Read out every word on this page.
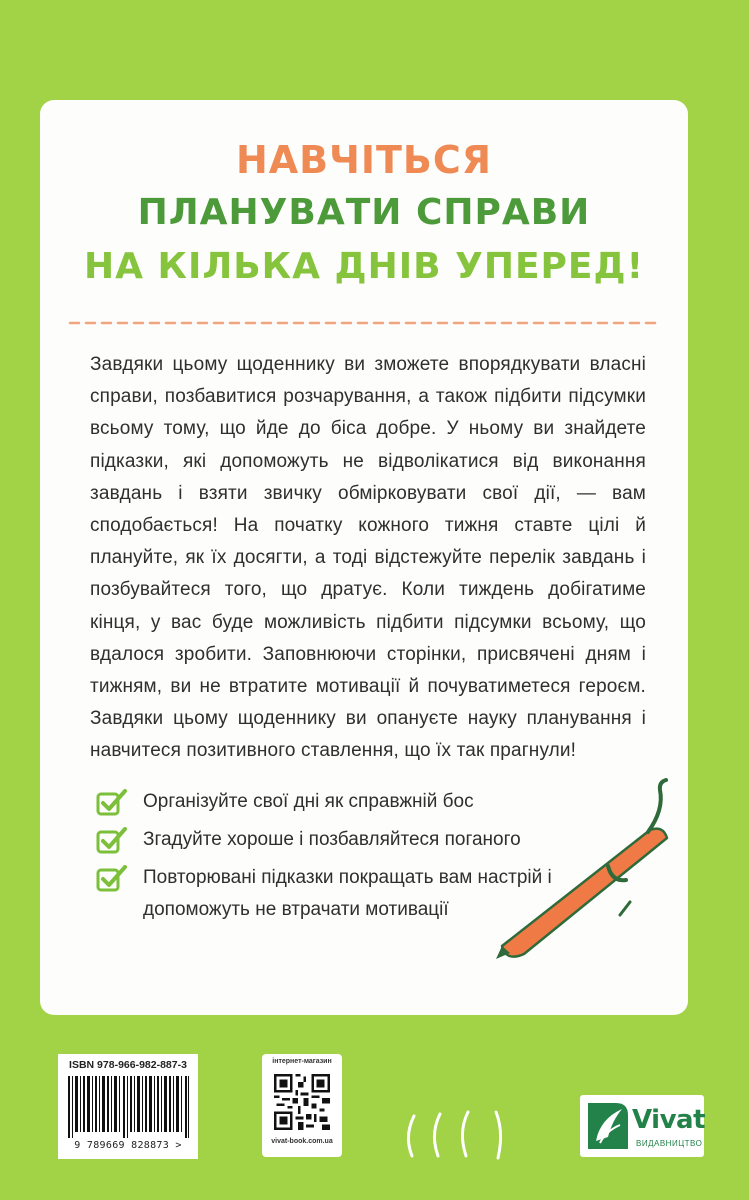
НАВЧІТЬСЯ
ПЛАНУВАТИ СПРАВИ
НА КІЛЬКА ДНІВ УПЕРЕД!

Завдяки цьому щоденнику ви зможете впорядкувати власні справи, позбавитися розчарування, а також підбити підсумки всьому тому, що йде до біса добре. У ньому ви знайдете підказки, які допоможуть не відволікатися від виконання завдань і взяти звичку обмірковувати свої дії, — вам сподобається! На початку кожного тижня ставте цілі й плануйте, як їх досягти, а тоді відстежуйте перелік завдань і позбувайтеся того, що дратує. Коли тиждень добігатиме кінця, у вас буде можливість підбити підсумки всьому, що вдалося зробити. Заповнюючи сторінки, присвячені дням і тижням, ви не втратите мотивації й почуватиметеся героєм. Завдяки цьому щоденнику ви опануєте науку планування і навчитеся позитивного ставлення, що їх так прагнули!

Організуйте свої дні як справжній бос
Згадуйте хороше і позбавляйтеся поганого
Повторювані підказки покращать вам настрій і допоможуть не втрачати мотивації
ISBN 978-966-982-887-3
9 789669 828873 >
інтернет-магазин
vivat-book.com.ua
Vivat
ВИДАВНИЦТВО
